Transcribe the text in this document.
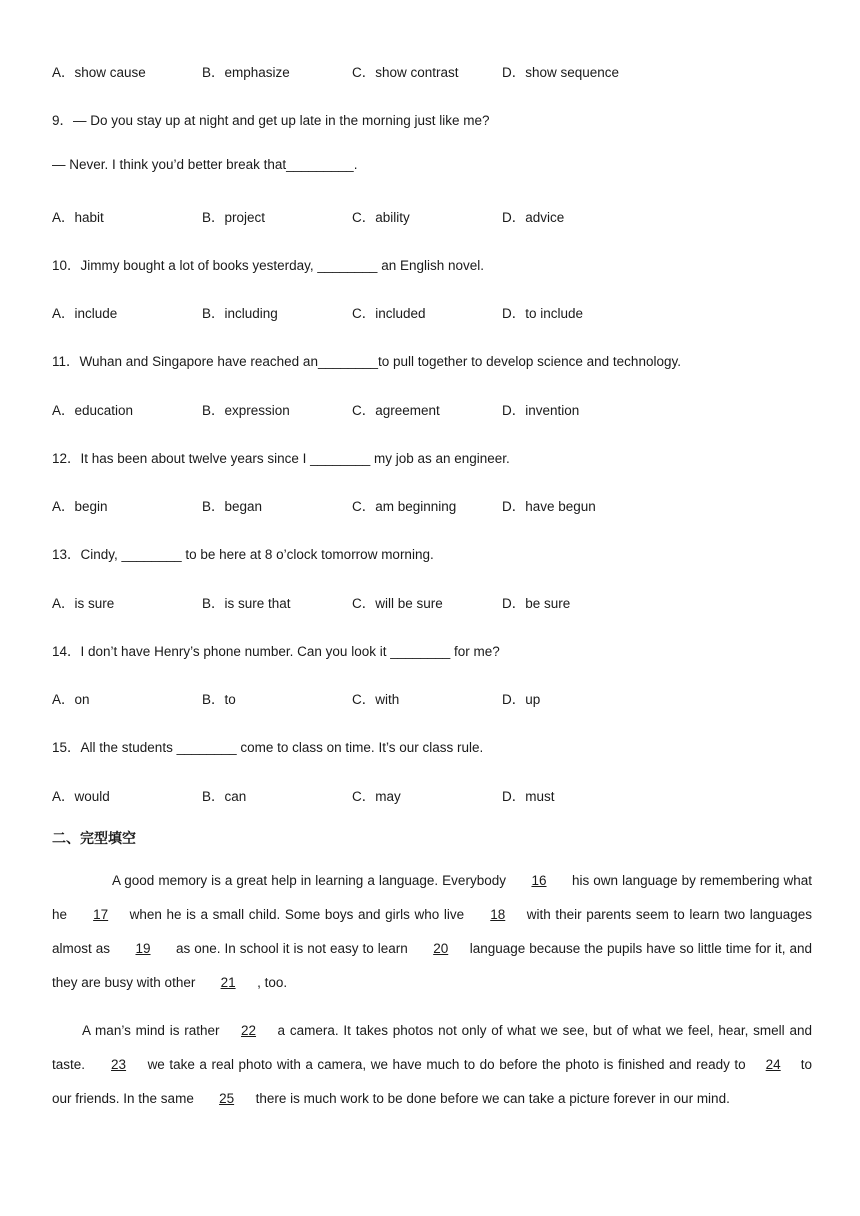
A．show cause	B．emphasize	C．show contrast	D．show sequence
9．— Do you stay up at night and get up late in the morning just like me?
— Never. I think you’d better break that_________.
A．habit	B．project	C．ability	D．advice
10．Jimmy bought a lot of books yesterday, ________ an English novel.
A．include	B．including	C．included	D．to include
11．Wuhan and Singapore have reached an________to pull together to develop science and technology.
A．education	B．expression	C．agreement	D．invention
12．It has been about twelve years since I ________ my job as an engineer.
A．begin	B．began	C．am beginning	D．have begun
13．Cindy, ________ to be here at 8 o’clock tomorrow morning.
A．is sure	B．is sure that	C．will be sure	D．be sure
14．I don’t have Henry’s phone number. Can you look it ________ for me?
A．on	B．to	C．with	D．up
15．All the students ________ come to class on time. It’s our class rule.
A．would	B．can	C．may	D．must
二、完型填空
A good memory is a great help in learning a language. Everybody 16 his own language by remembering what he 17 when he is a small child. Some boys and girls who live 18 with their parents seem to learn two languages almost as 19 as one. In school it is not easy to learn 20 language because the pupils have so little time for it, and they are busy with other 21 , too.
A man’s mind is rather 22 a camera. It takes photos not only of what we see, but of what we feel, hear, smell and taste. 23 we take a real photo with a camera, we have much to do before the photo is finished and ready to 24 to our friends. In the same 25 there is much work to be done before we can take a picture forever in our mind.
